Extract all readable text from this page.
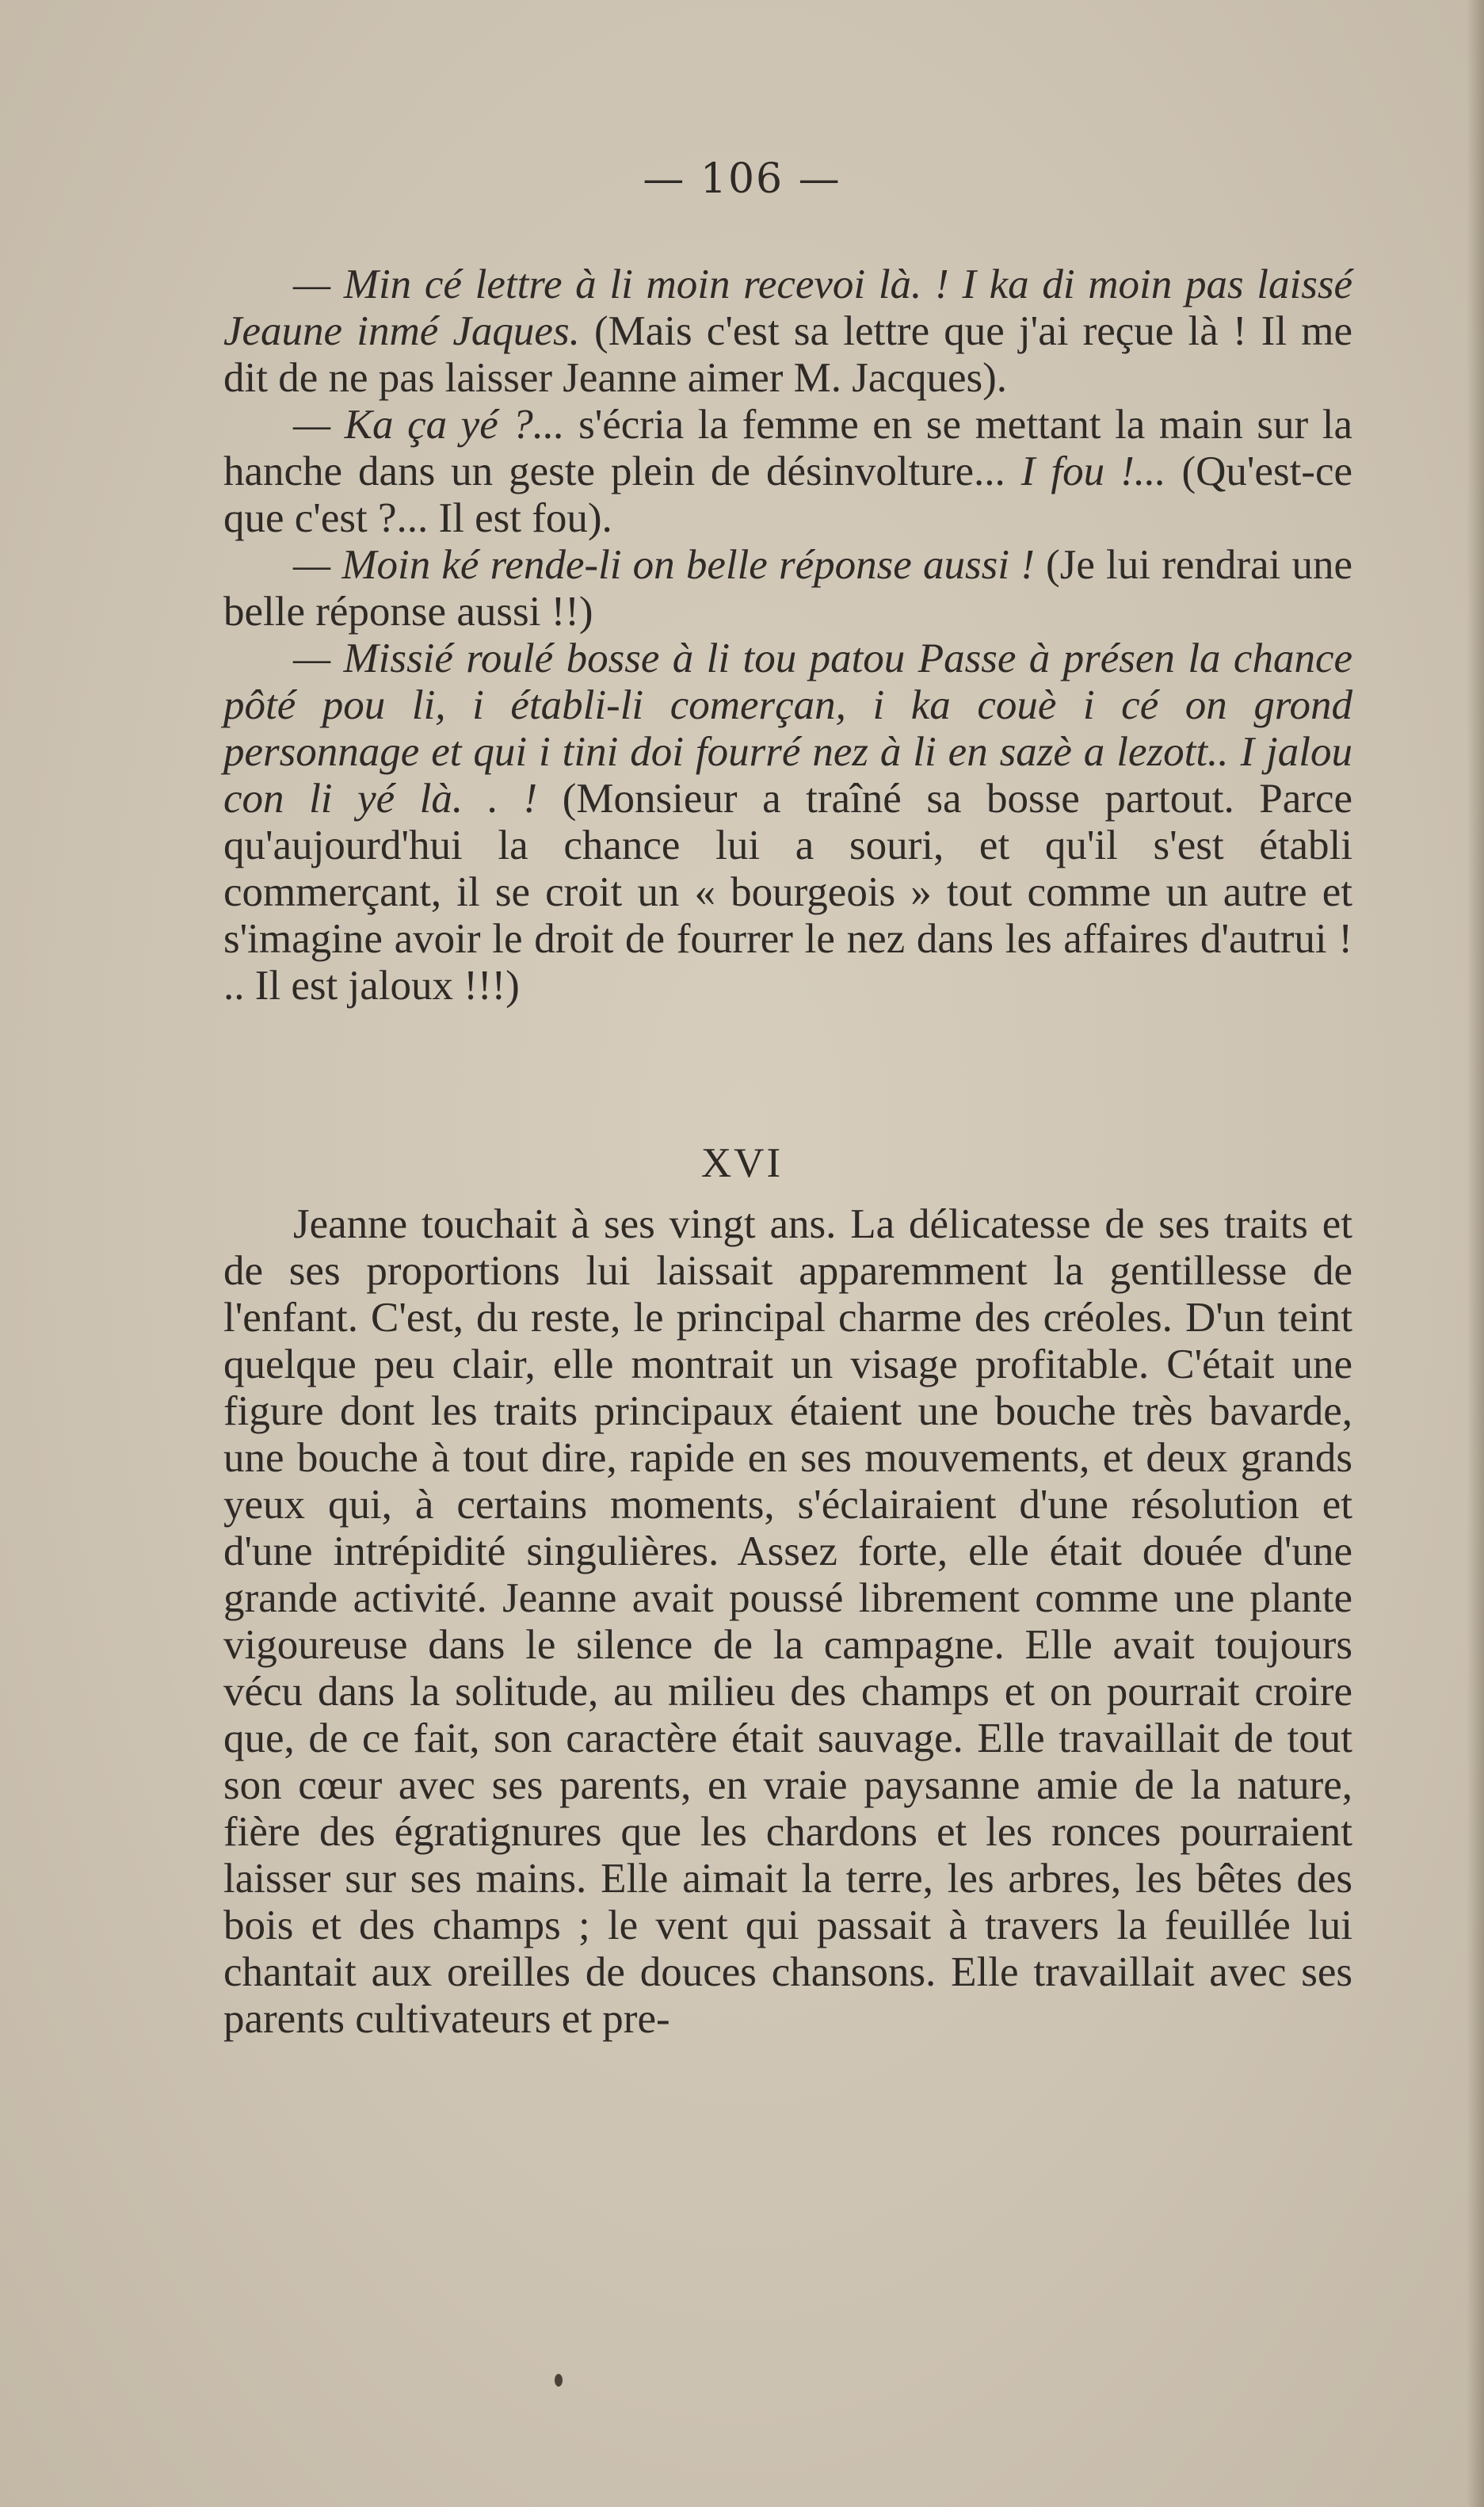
— 106 —

— Min cé lettre à li moin recevoi là. ! I ka di moin pas laissé Jeaune inmé Jaques. (Mais c'est sa lettre que j'ai reçue là ! Il me dit de ne pas laisser Jeanne aimer M. Jacques).

— Ka ça yé ?... s'écria la femme en se mettant la main sur la hanche dans un geste plein de désinvolture... I fou !... (Qu'est-ce que c'est ?... Il est fou).

— Moin ké rende-li on belle réponse aussi ! (Je lui rendrai une belle réponse aussi !!)

— Missié roulé bosse à li tou patou Passe à présen la chance pôté pou li, i établi-li comerçan, i ka couè i cé on grond personnage et qui i tini doi fourré nez à li en sazè a lezott.. I jalou con li yé là. . ! (Monsieur a traîné sa bosse partout. Parce qu'aujourd'hui la chance lui a souri, et qu'il s'est établi commerçant, il se croit un « bourgeois » tout comme un autre et s'imagine avoir le droit de fourrer le nez dans les affaires d'autrui ! .. Il est jaloux !!!)

XVI

Jeanne touchait à ses vingt ans. La délicatesse de ses traits et de ses proportions lui laissait apparemment la gentillesse de l'enfant. C'est, du reste, le principal charme des créoles. D'un teint quelque peu clair, elle montrait un visage profitable. C'était une figure dont les traits principaux étaient une bouche très bavarde, une bouche à tout dire, rapide en ses mouvements, et deux grands yeux qui, à certains moments, s'éclairaient d'une résolution et d'une intrépidité singulières. Assez forte, elle était douée d'une grande activité. Jeanne avait poussé librement comme une plante vigoureuse dans le silence de la campagne. Elle avait toujours vécu dans la solitude, au milieu des champs et on pourrait croire que, de ce fait, son caractère était sauvage. Elle travaillait de tout son cœur avec ses parents, en vraie paysanne amie de la nature, fière des égratignures que les chardons et les ronces pourraient laisser sur ses mains. Elle aimait la terre, les arbres, les bêtes des bois et des champs ; le vent qui passait à travers la feuillée lui chantait aux oreilles de douces chansons. Elle travaillait avec ses parents cultivateurs et pre-
